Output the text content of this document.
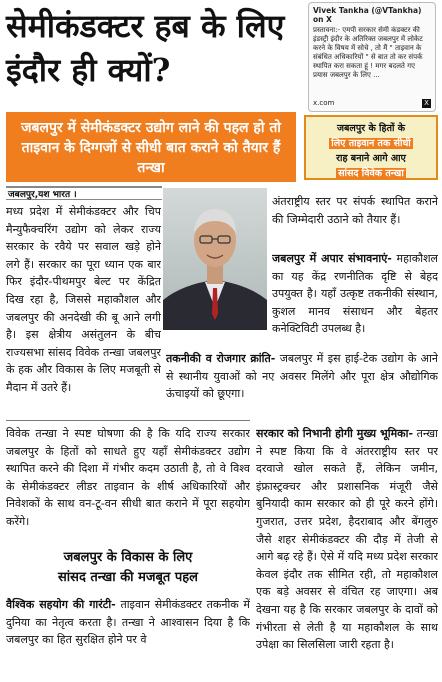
सेमीकंडक्टर हब के लिए इंदौर ही क्यों?
Vivek Tankha (@VTankha) on X
प्रस्तावना:- एमपी सरकार सेमी कंडक्टर की इंडस्ट्री इंदौर के अतिरिक्त जबलपुर में लोकेट करने के विषय में सोचे , तो मैं " ताइवान के संबंधित अधिकारियों " से बात तो कर संपर्क स्थापित करा सकता हूं ! मगर बदलते गए प्रयास जबलपुर के लिए ...
x.com	X
जबलपुर में सेमीकंडक्टर उद्योग लाने की पहल हो तो ताइवान के दिग्गजों से सीधी बात कराने को तैयार हैं तन्खा
जबलपुर के हितों के
लिए ताइवान तक सीधी
राह बनाने आगे आए
सांसद विवेक तन्खा
जबलपुर,यश भारत ।
मध्य प्रदेश में सेमीकंडक्टर और चिप मैन्युफैक्चरिंग उद्योग को लेकर राज्य सरकार के रवैये पर सवाल खड़े होने लगे हैं। सरकार का पूरा ध्यान एक बार फिर इंदौर-पीथमपुर बेल्ट पर केंद्रित दिख रहा है, जिससे महाकौशल और जबलपुर की अनदेखी की बू आने लगी है। इस क्षेत्रीय असंतुलन के बीच राज्यसभा सांसद विवेक तन्खा जबलपुर के हक और विकास के लिए मजबूती से मैदान में उतरे हैं।
विवेक तन्खा ने स्पष्ट घोषणा की है कि यदि राज्य सरकार जबलपुर के हितों को साधते हुए यहाँ सेमीकंडक्टर उद्योग स्थापित करने की दिशा में गंभीर कदम उठाती है, तो वे विश्व के सेमीकंडक्टर लीडर ताइवान के शीर्ष अधिकारियों और निवेशकों के साथ वन-टू-वन सीधी बात कराने में पूरा सहयोग करेंगे।
जबलपुर के विकास के लिए
सांसद तन्खा की मजबूत पहल
वैश्विक सहयोग की गारंटी- ताइवान सेमीकंडक्टर तकनीक में दुनिया का नेतृत्व करता है। तन्खा ने आश्वासन दिया है कि जबलपुर का हित सुरक्षित होने पर वे
अंतराष्ट्रीय स्तर पर संपर्क स्थापित कराने की जिम्मेदारी उठाने को तैयार हैं।
जबलपुर में अपार संभावनाएं- महाकौशल का यह केंद्र रणनीतिक दृष्टि से बेहद उपयुक्त है। यहाँ उत्कृष्ट तकनीकी संस्थान, कुशल मानव संसाधन और बेहतर कनेक्टिविटी उपलब्ध है।
तकनीकी व रोजगार क्रांति- जबलपुर में इस हाई-टेक उद्योग के आने से स्थानीय युवाओं को नए अवसर मिलेंगे और पूरा क्षेत्र औद्योगिक ऊंचाइयों को छूएगा।
सरकार को निभानी होगी मुख्य भूमिका- तन्खा ने स्पष्ट किया कि वे अंतरराष्ट्रीय स्तर पर दरवाजे खोल सकते हैं, लेकिन जमीन, इंफ्रास्ट्रक्चर और प्रशासनिक मंजूरी जैसे बुनियादी काम सरकार को ही पूरे करने होंगे। गुजरात, उत्तर प्रदेश, हैदराबाद और बेंगलुरु जैसे शहर सेमीकंडक्टर की दौड़ में तेजी से आगे बढ़ रहे हैं। ऐसे में यदि मध्य प्रदेश सरकार केवल इंदौर तक सीमित रही, तो महाकौशल एक बड़े अवसर से वंचित रह जाएगा। अब देखना यह है कि सरकार जबलपुर के दावों को गंभीरता से लेती है या महाकौशल के साथ उपेक्षा का सिलसिला जारी रहता है।
